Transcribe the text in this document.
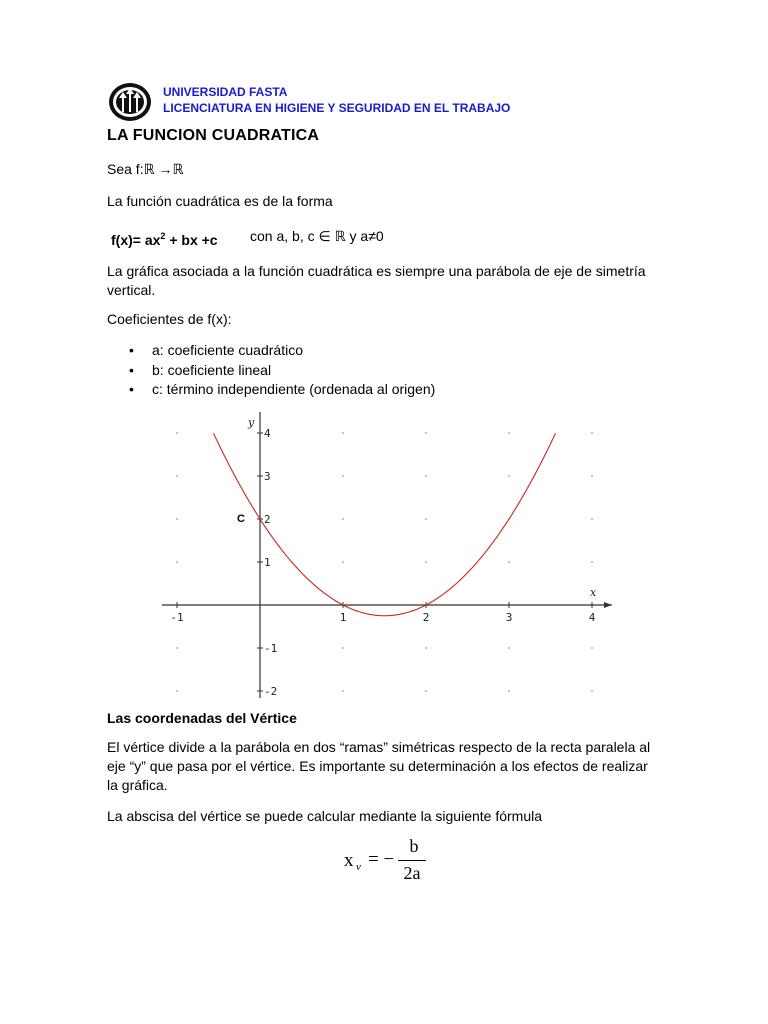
UNIVERSIDAD FASTA
LICENCIATURA EN HIGIENE Y SEGURIDAD EN EL TRABAJO
LA FUNCION CUADRATICA
Sea f:ℝ →ℝ
La función cuadrática es de la forma
$f(x)= ax^2$ + bx +c con a, b, c ∈ ℝ y a≠0
La gráfica asociada a la función cuadrática es siempre una parábola de eje de simetría vertical.
Coeficientes de f(x):
• a: coeficiente cuadrático
• b: coeficiente lineal
• c: término independiente (ordenada al origen)
-1	1	2	3	4
4
3
2
1
-1
-2
x
y
C
Las coordenadas del Vértice
El vértice divide a la parábola en dos “ramas” simétricas respecto de la recta paralela al eje “y” que pasa por el vértice. Es importante su determinación a los efectos de realizar la gráfica.
La abscisa del vértice se puede calcular mediante la siguiente fórmula
x v = −
b
2a
